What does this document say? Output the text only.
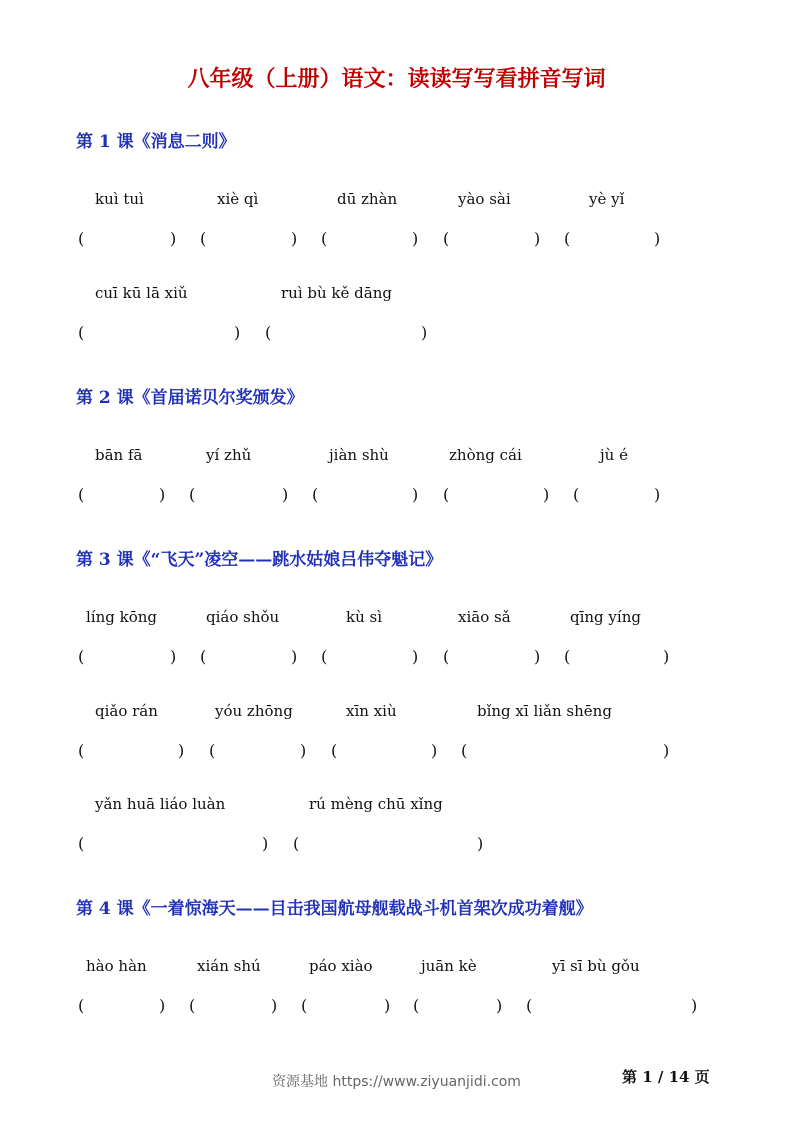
八年级（上册）语文：读读写写看拼音写词
第 1 课《消息二则》
kuì tuì	xiè qì	dū zhàn	yào sài	yè yǐ
(	) (	) (	) (	) (	)
cuī kū lā xiǔ	ruì bù kě dāng
(	) (	)
第 2 课《首届诺贝尔奖颁发》
bān fā	yí zhǔ	jiàn shù	zhòng cái	jù é
(	) (	) (	) (	) (	)
第 3 课《“飞天”凌空——跳水姑娘吕伟夺魁记》
líng kōng	qiáo shǒu	kù sì	xiāo sǎ	qīng yíng
(	) (	) (	) (	) (	)
qiǎo rán	yóu zhōng	xīn xiù	bǐng xī liǎn shēng
(	) (	) (	) (	)
yǎn huā liáo luàn	rú mèng chū xǐng
(	) (	)
第 4 课《一着惊海天——目击我国航母舰载战斗机首架次成功着舰》
hào hàn	xián shú	páo xiào	juān kè	yī sī bù gǒu
(	) (	) (	) (	) (	)
资源基地 https://www.ziyuanjidi.com	第 1 / 14 页
